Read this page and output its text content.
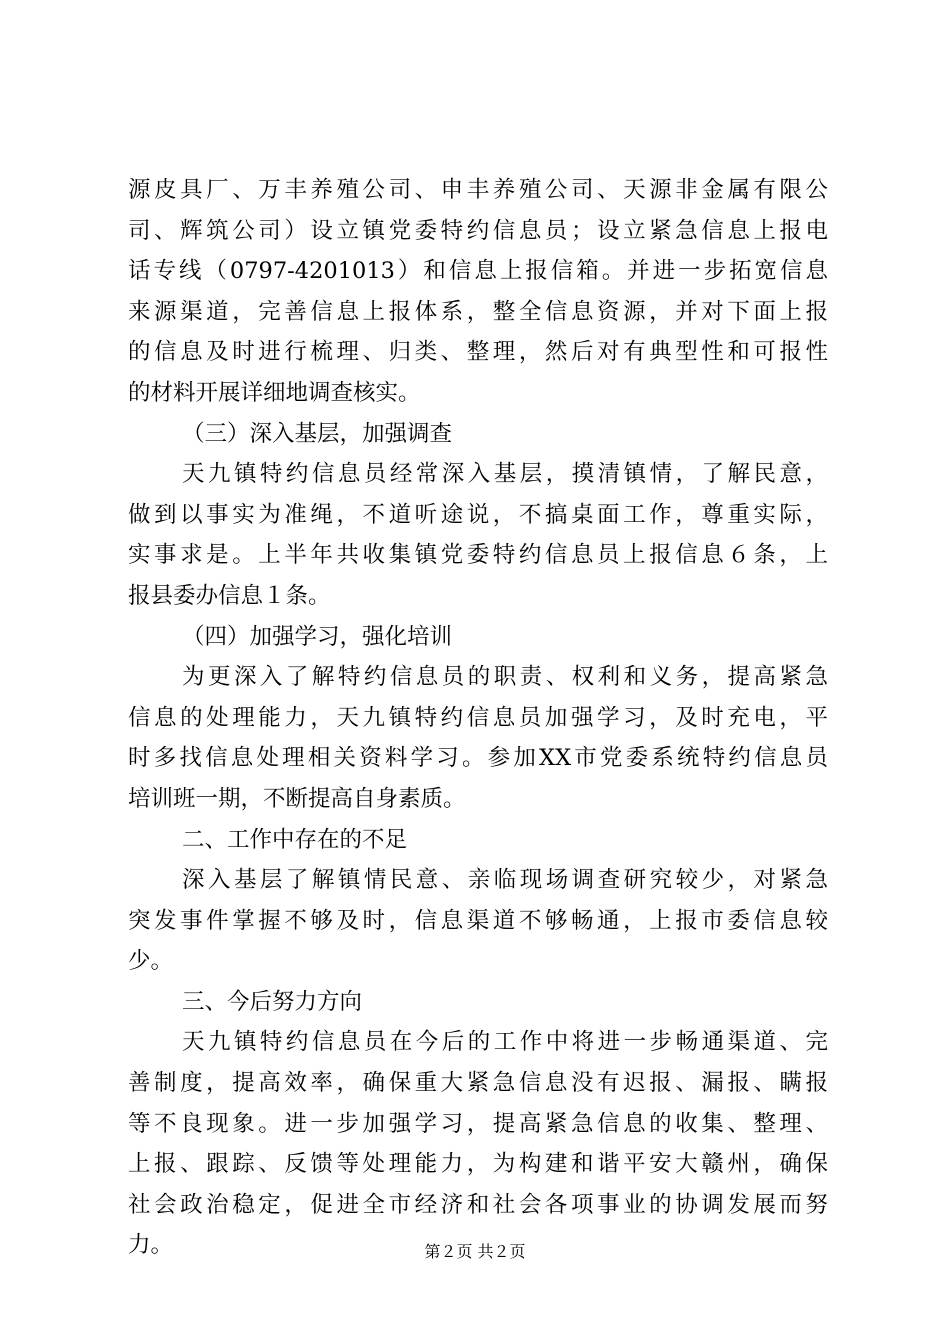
源皮具厂、万丰养殖公司、申丰养殖公司、天源非金属有限公
司、辉筑公司）设立镇党委特约信息员；设立紧急信息上报电
话专线（0797-4201013）和信息上报信箱。并进一步拓宽信息
来源渠道，完善信息上报体系，整全信息资源，并对下面上报
的信息及时进行梳理、归类、整理，然后对有典型性和可报性
的材料开展详细地调查核实。
（三）深入基层，加强调查
天九镇特约信息员经常深入基层，摸清镇情，了解民意，
做到以事实为准绳，不道听途说，不搞桌面工作，尊重实际，
实事求是。上半年共收集镇党委特约信息员上报信息６条，上
报县委办信息１条。
（四）加强学习，强化培训
为更深入了解特约信息员的职责、权利和义务，提高紧急
信息的处理能力，天九镇特约信息员加强学习，及时充电，平
时多找信息处理相关资料学习。参加XX市党委系统特约信息员
培训班一期，不断提高自身素质。
二、工作中存在的不足
深入基层了解镇情民意、亲临现场调查研究较少，对紧急
突发事件掌握不够及时，信息渠道不够畅通，上报市委信息较
少。
三、今后努力方向
天九镇特约信息员在今后的工作中将进一步畅通渠道、完
善制度，提高效率，确保重大紧急信息没有迟报、漏报、瞒报
等不良现象。进一步加强学习，提高紧急信息的收集、整理、
上报、跟踪、反馈等处理能力，为构建和谐平安大赣州，确保
社会政治稳定，促进全市经济和社会各项事业的协调发展而努
力。	第２页 共２页
